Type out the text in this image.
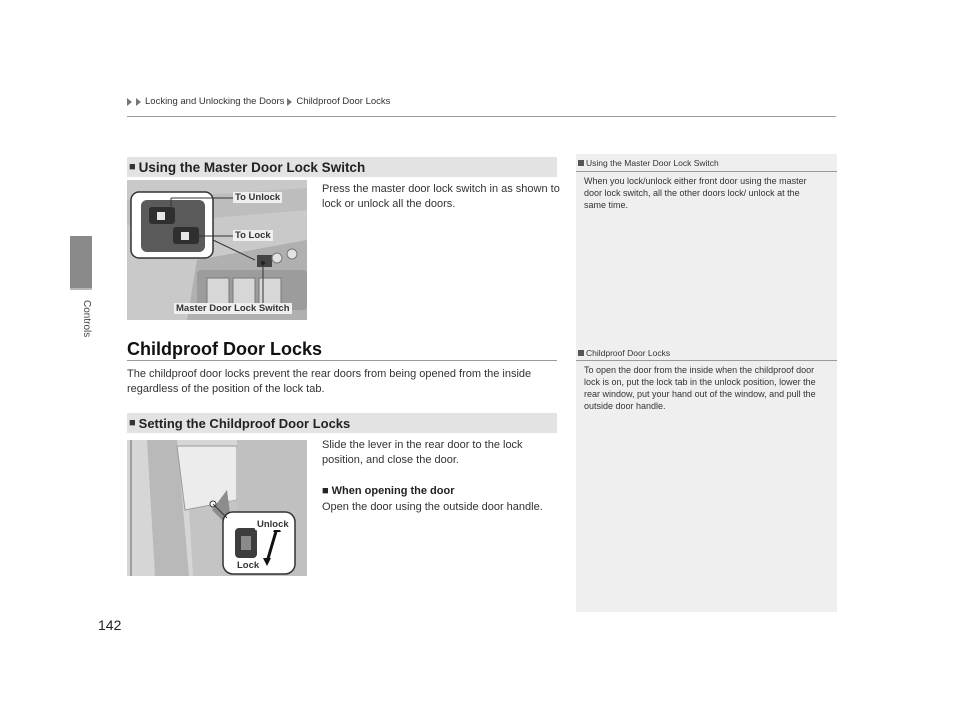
Controls
142
Locking and Unlocking the Doors Childproof Door Locks
■ Using the Master Door Lock Switch
To Unlock
To Lock
Master Door Lock Switch
Press the master door lock switch in as shown to lock or unlock all the doors.
Childproof Door Locks
The childproof door locks prevent the rear doors from being opened from the inside regardless of the position of the lock tab.
■ Setting the Childproof Door Locks
Unlock
Lock
Slide the lever in the rear door to the lock position, and close the door.
■ When opening the door
Open the door using the outside door handle.
Using the Master Door Lock Switch
When you lock/unlock either front door using the master door lock switch, all the other doors lock/ unlock at the same time.
Childproof Door Locks
To open the door from the inside when the childproof door lock is on, put the lock tab in the unlock position, lower the rear window, put your hand out of the window, and pull the outside door handle.
